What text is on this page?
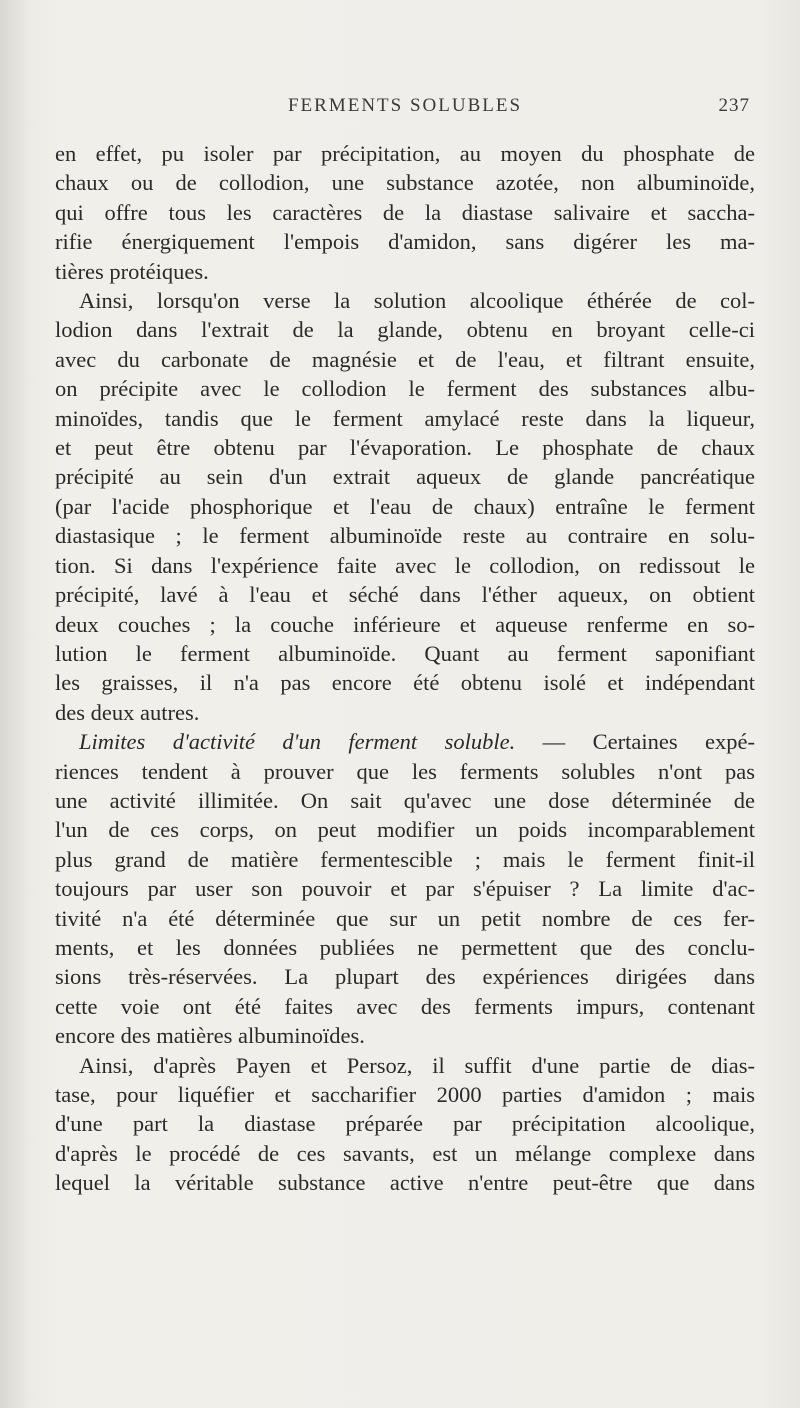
FERMENTS SOLUBLES	237
en effet, pu isoler par précipitation, au moyen du phosphate de
chaux ou de collodion, une substance azotée, non albuminoïde,
qui offre tous les caractères de la diastase salivaire et saccha-
rifie énergiquement l'empois d'amidon, sans digérer les ma-
tières protéiques.
Ainsi, lorsqu'on verse la solution alcoolique éthérée de col-
lodion dans l'extrait de la glande, obtenu en broyant celle-ci
avec du carbonate de magnésie et de l'eau, et filtrant ensuite,
on précipite avec le collodion le ferment des substances albu-
minoïdes, tandis que le ferment amylacé reste dans la liqueur,
et peut être obtenu par l'évaporation. Le phosphate de chaux
précipité au sein d'un extrait aqueux de glande pancréatique
(par l'acide phosphorique et l'eau de chaux) entraîne le ferment
diastasique ; le ferment albuminoïde reste au contraire en solu-
tion. Si dans l'expérience faite avec le collodion, on redissout le
précipité, lavé à l'eau et séché dans l'éther aqueux, on obtient
deux couches ; la couche inférieure et aqueuse renferme en so-
lution le ferment albuminoïde. Quant au ferment saponifiant
les graisses, il n'a pas encore été obtenu isolé et indépendant
des deux autres.
Limites d'activité d'un ferment soluble. — Certaines expé-
riences tendent à prouver que les ferments solubles n'ont pas
une activité illimitée. On sait qu'avec une dose déterminée de
l'un de ces corps, on peut modifier un poids incomparablement
plus grand de matière fermentescible ; mais le ferment finit-il
toujours par user son pouvoir et par s'épuiser ? La limite d'ac-
tivité n'a été déterminée que sur un petit nombre de ces fer-
ments, et les données publiées ne permettent que des conclu-
sions très-réservées. La plupart des expériences dirigées dans
cette voie ont été faites avec des ferments impurs, contenant
encore des matières albuminoïdes.
Ainsi, d'après Payen et Persoz, il suffit d'une partie de dias-
tase, pour liquéfier et saccharifier 2000 parties d'amidon ; mais
d'une part la diastase préparée par précipitation alcoolique,
d'après le procédé de ces savants, est un mélange complexe dans
lequel la véritable substance active n'entre peut-être que dans
